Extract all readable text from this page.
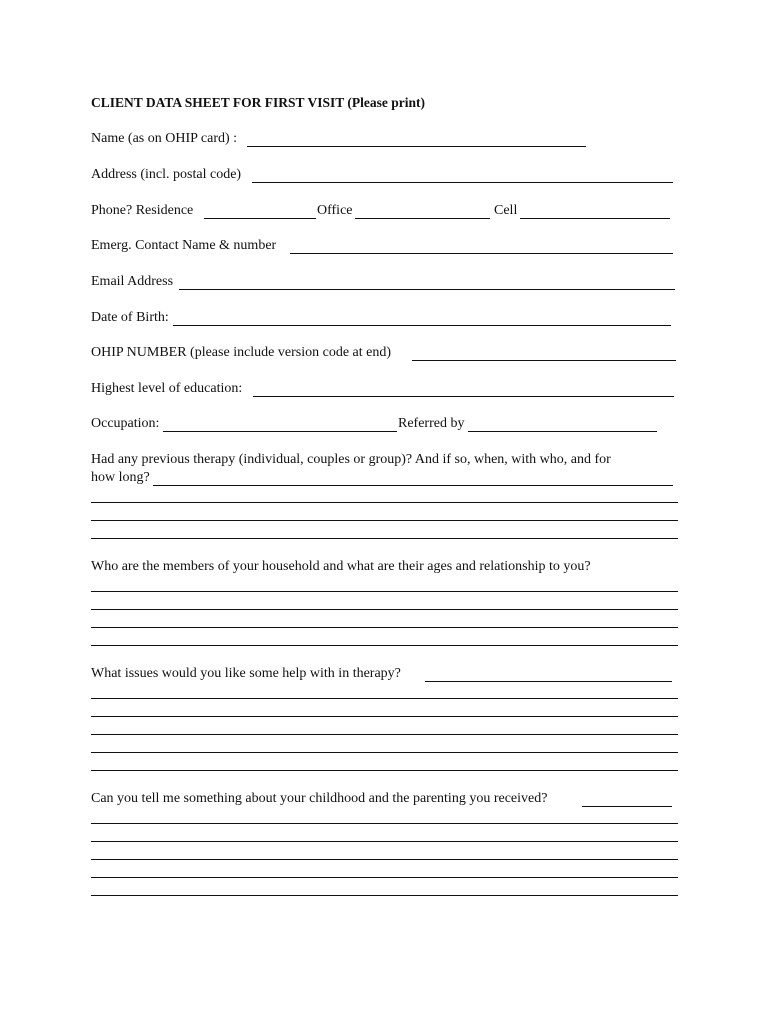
CLIENT DATA SHEET FOR FIRST VISIT (Please print)
Name (as on OHIP card) :
Address (incl. postal code)
Phone? Residence	Office	Cell
Emerg. Contact Name & number
Email Address
Date of Birth:
OHIP NUMBER (please include version code at end)
Highest level of education:
Occupation:	Referred by
Had any previous therapy (individual, couples or group)? And if so, when, with who, and for
how long?
Who are the members of your household and what are their ages and relationship to you?
What issues would you like some help with in therapy?
Can you tell me something about your childhood and the parenting you received?
